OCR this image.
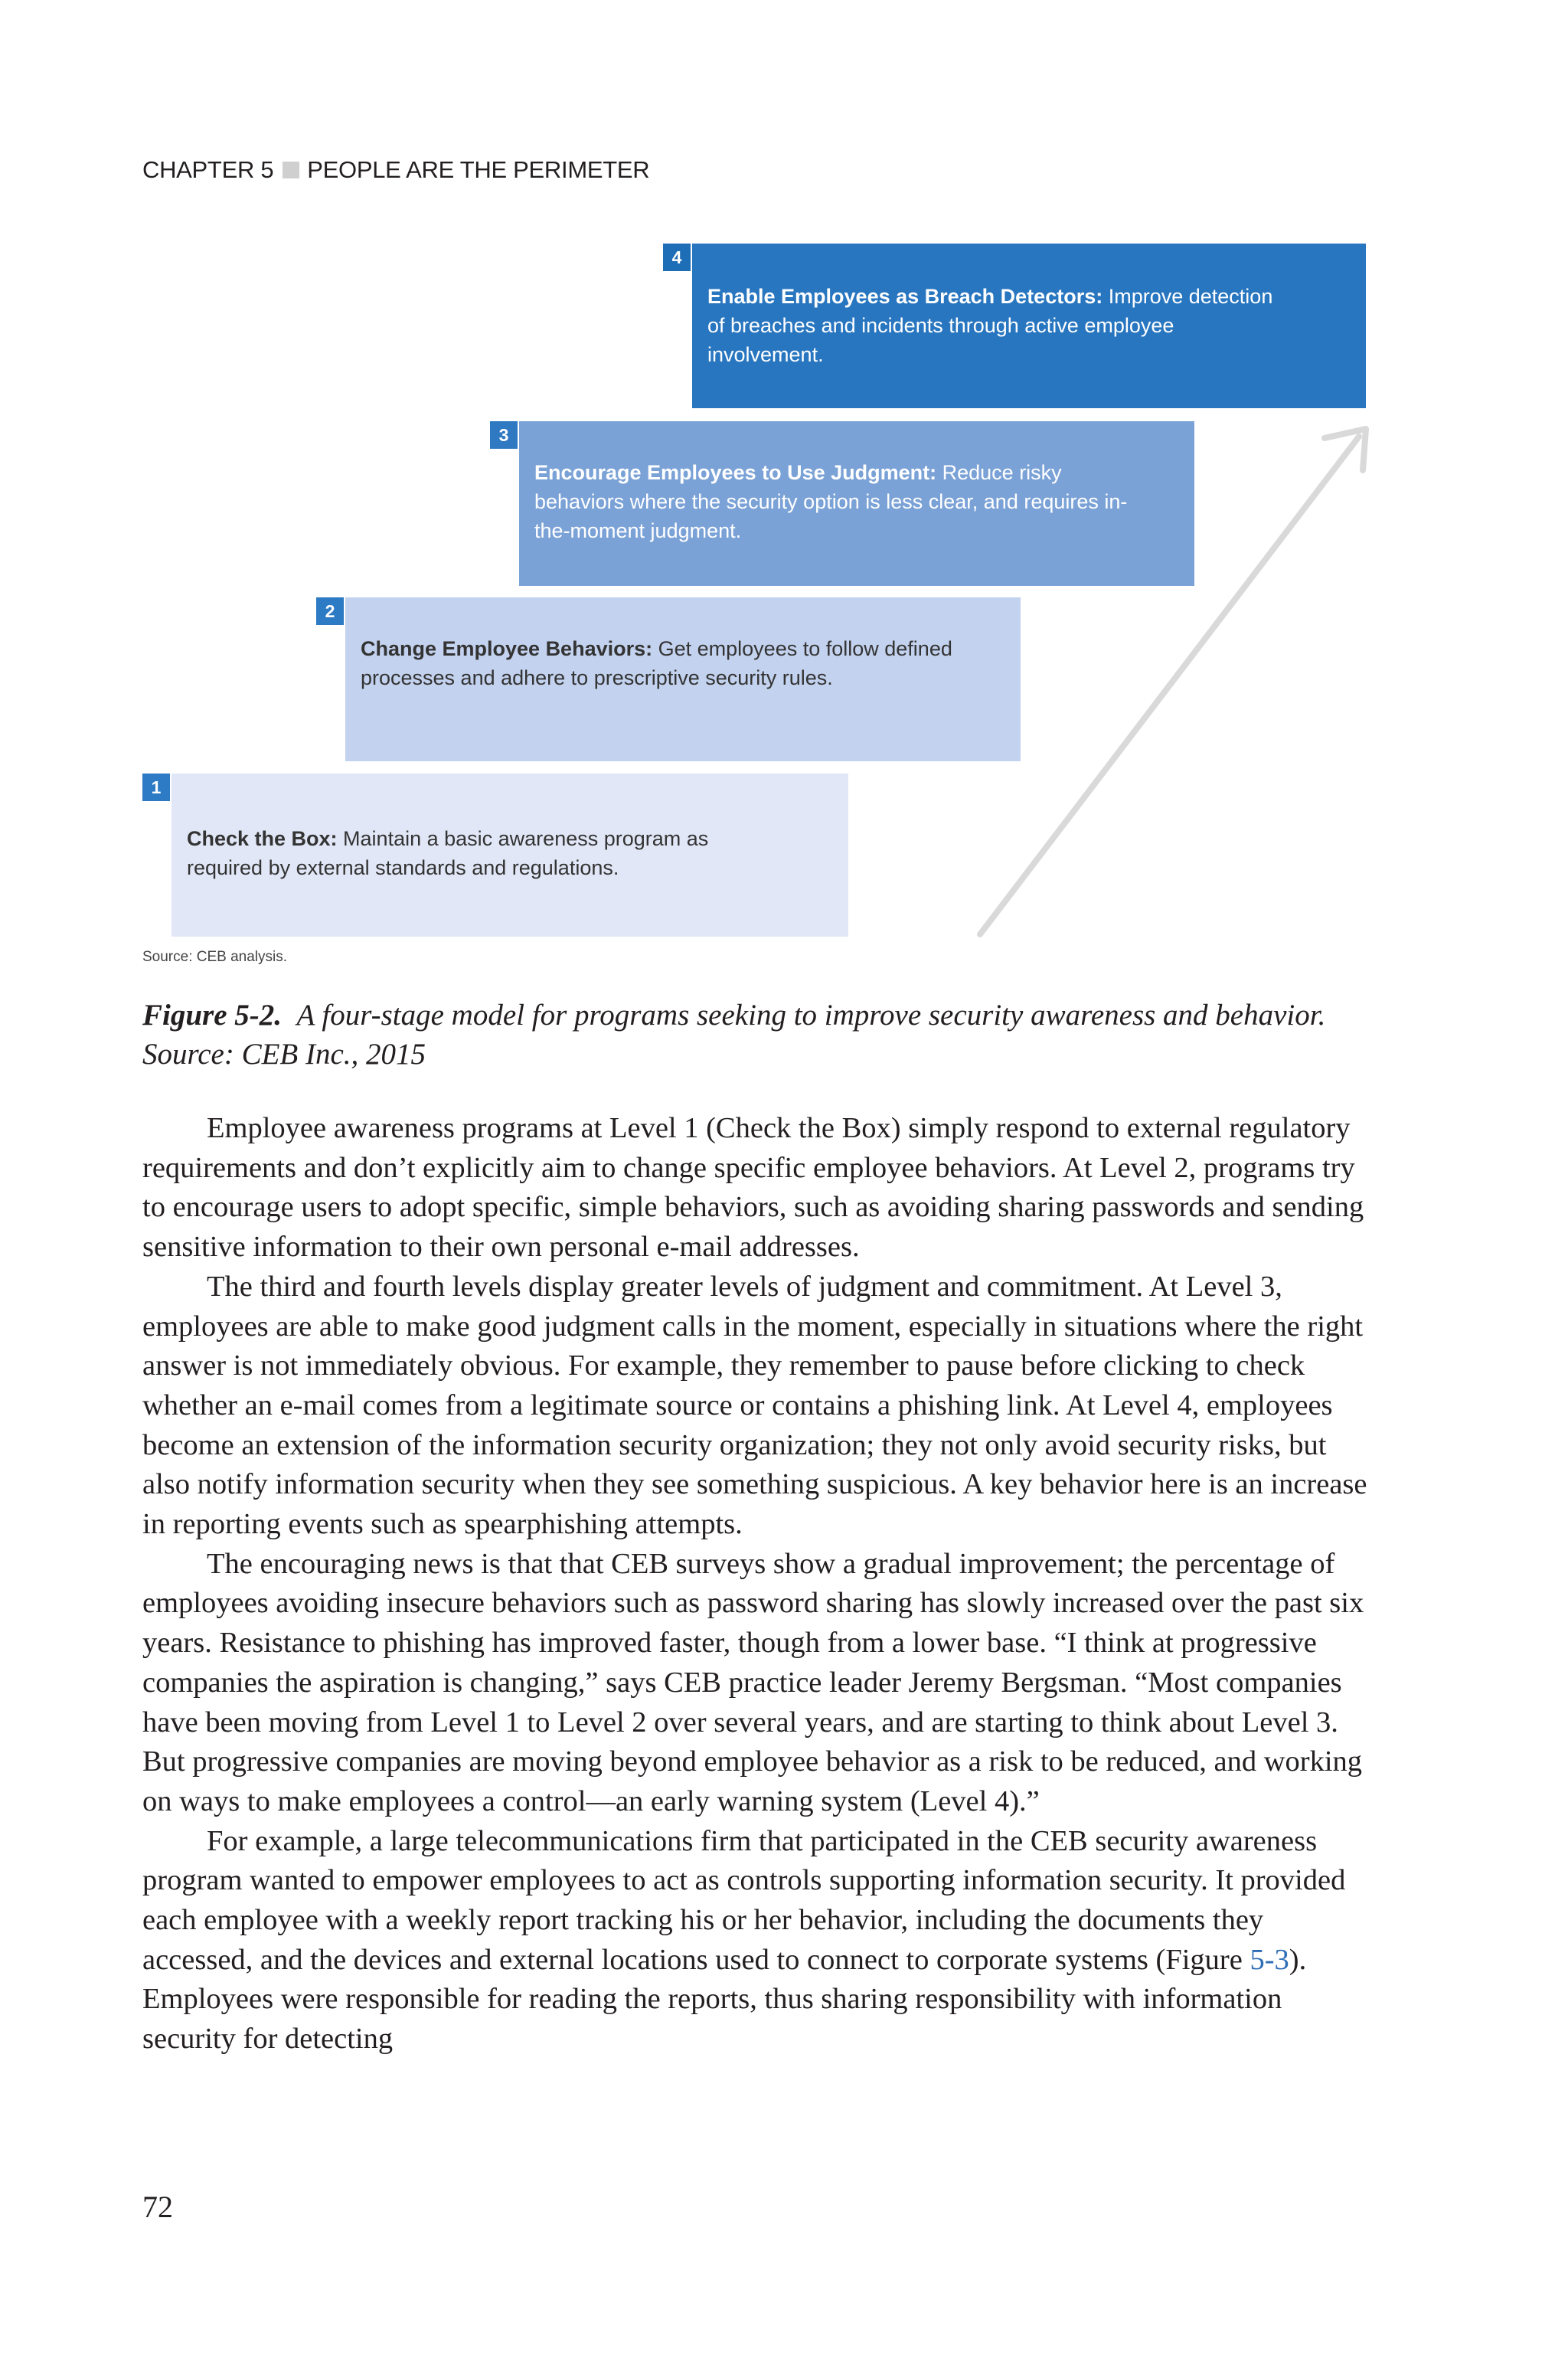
CHAPTER 5 PEOPLE ARE THE PERIMETER
4
Enable Employees as Breach Detectors: Improve detection of breaches and incidents through active employee involvement.
3
Encourage Employees to Use Judgment: Reduce risky behaviors where the security option is less clear, and requires in-the-moment judgment.
2
Change Employee Behaviors: Get employees to follow defined processes and adhere to prescriptive security rules.
1
Check the Box: Maintain a basic awareness program as required by external standards and regulations.
Source: CEB analysis.
Figure 5-2. A four-stage model for programs seeking to improve security awareness and behavior. Source: CEB Inc., 2015

Employee awareness programs at Level 1 (Check the Box) simply respond to external regulatory requirements and don’t explicitly aim to change specific employee behaviors. At Level 2, programs try to encourage users to adopt specific, simple behaviors, such as avoiding sharing passwords and sending sensitive information to their own personal e-mail addresses.

The third and fourth levels display greater levels of judgment and commitment. At Level 3, employees are able to make good judgment calls in the moment, especially in situations where the right answer is not immediately obvious. For example, they remember to pause before clicking to check whether an e-mail comes from a legitimate source or contains a phishing link. At Level 4, employees become an extension of the information security organization; they not only avoid security risks, but also notify information security when they see something suspicious. A key behavior here is an increase in reporting events such as spearphishing attempts.

The encouraging news is that that CEB surveys show a gradual improvement; the percentage of employees avoiding insecure behaviors such as password sharing has slowly increased over the past six years. Resistance to phishing has improved faster, though from a lower base. “I think at progressive companies the aspiration is changing,” says CEB practice leader Jeremy Bergsman. “Most companies have been moving from Level 1 to Level 2 over several years, and are starting to think about Level 3. But progressive companies are moving beyond employee behavior as a risk to be reduced, and working on ways to make employees a control—an early warning system (Level 4).”

For example, a large telecommunications firm that participated in the CEB security awareness program wanted to empower employees to act as controls supporting information security. It provided each employee with a weekly report tracking his or her behavior, including the documents they accessed, and the devices and external locations used to connect to corporate systems (Figure 5-3). Employees were responsible for reading the reports, thus sharing responsibility with information security for detecting

72
